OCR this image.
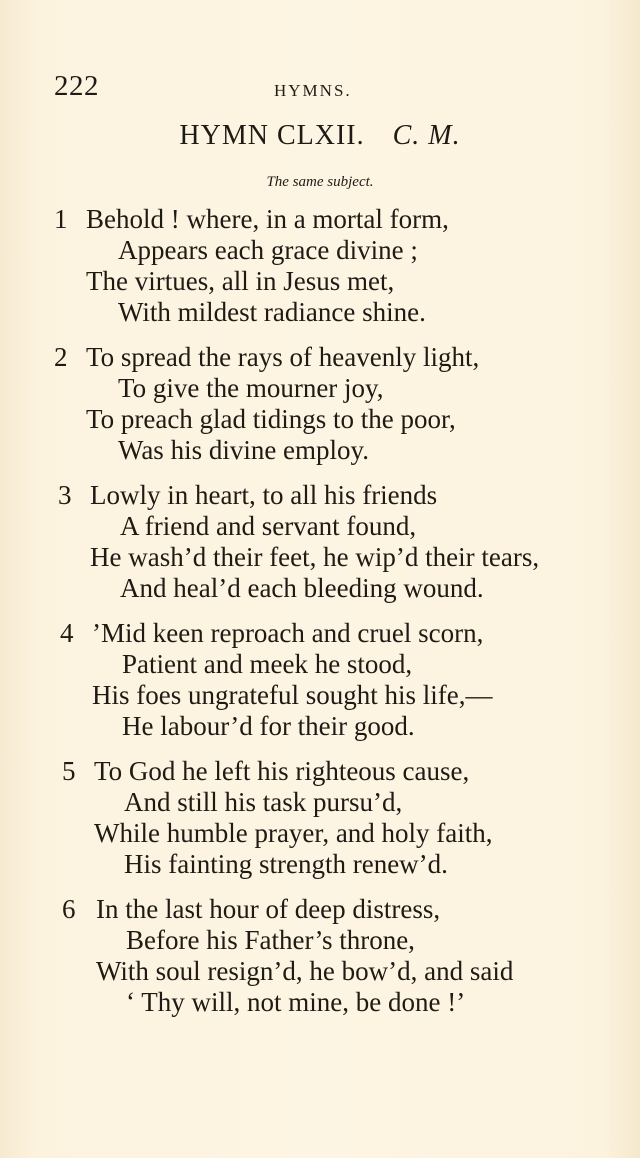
222	HYMNS.
HYMN CLXII. C. M.
The same subject.
1 Behold ! where, in a mortal form,
Appears each grace divine ;
The virtues, all in Jesus met,
With mildest radiance shine.
2 To spread the rays of heavenly light,
To give the mourner joy,
To preach glad tidings to the poor,
Was his divine employ.
3 Lowly in heart, to all his friends
A friend and servant found,
He wash’d their feet, he wip’d their tears,
And heal’d each bleeding wound.
4 ’Mid keen reproach and cruel scorn,
Patient and meek he stood,
His foes ungrateful sought his life,—
He labour’d for their good.
5 To God he left his righteous cause,
And still his task pursu’d,
While humble prayer, and holy faith,
His fainting strength renew’d.
6 In the last hour of deep distress,
Before his Father’s throne,
With soul resign’d, he bow’d, and said
‘ Thy will, not mine, be done !’
